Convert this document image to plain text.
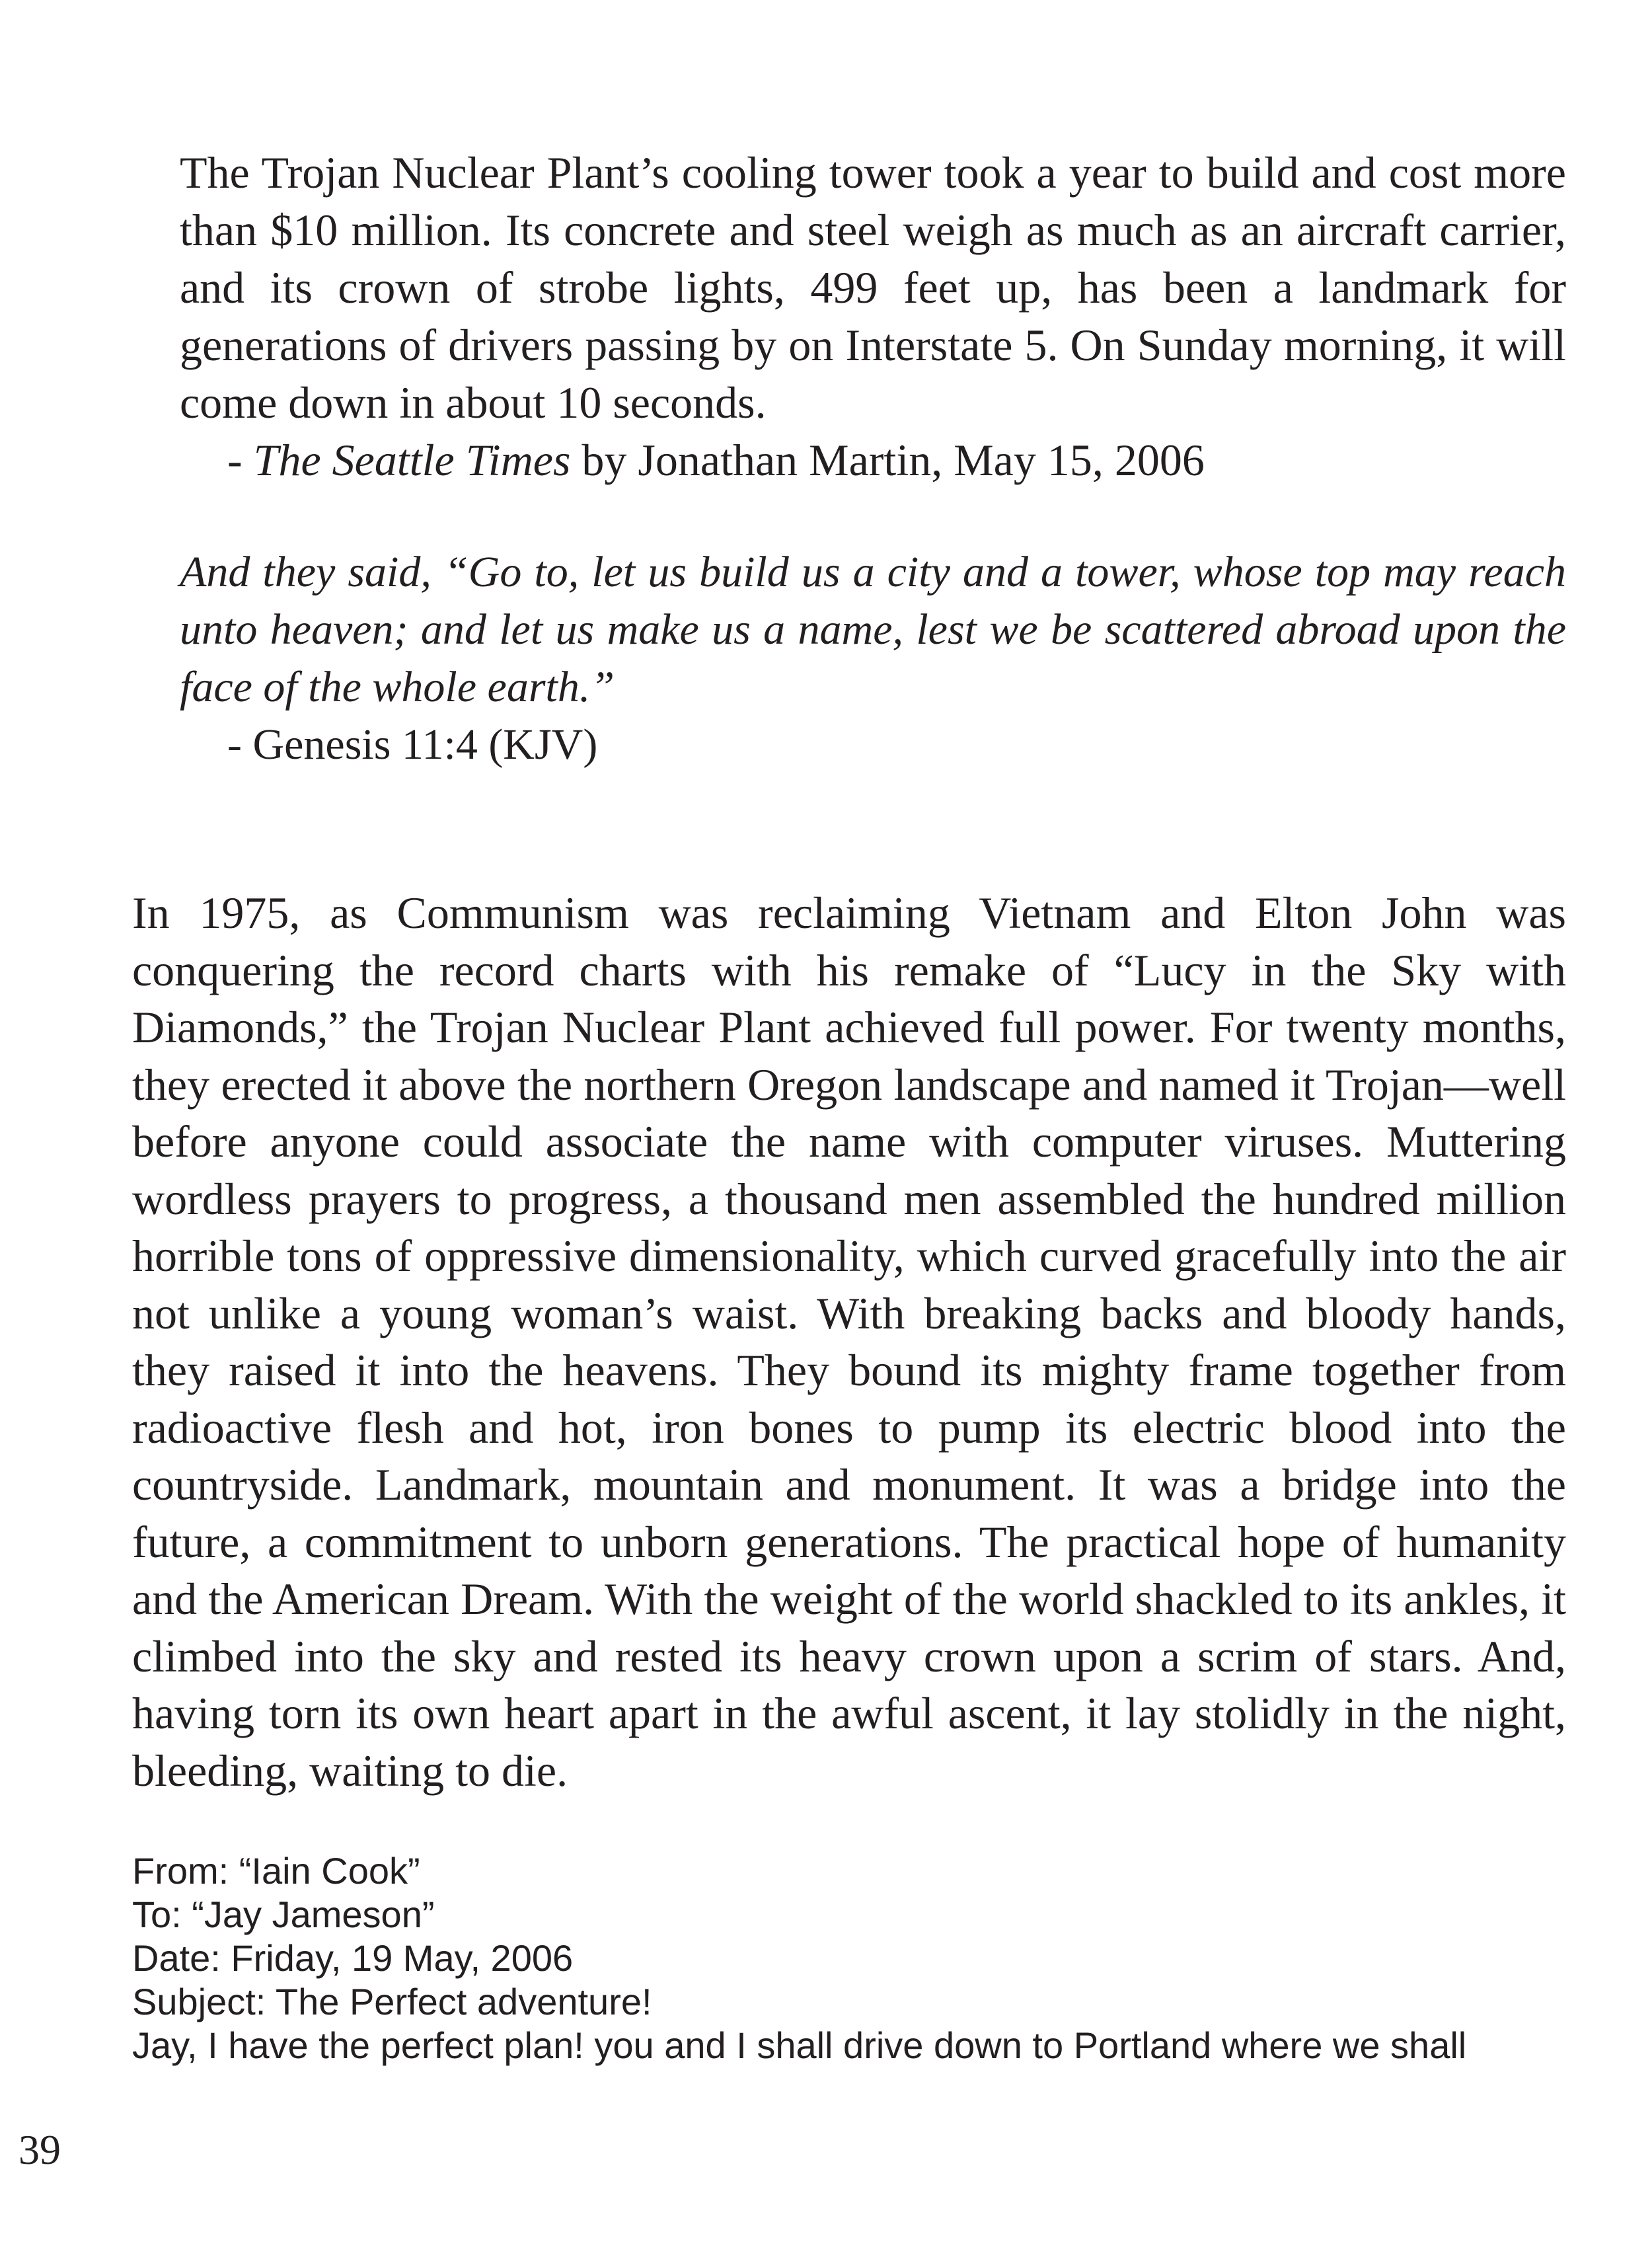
The Trojan Nuclear Plant’s cooling tower took a year to build and cost more than $10 million. Its concrete and steel weigh as much as an aircraft carrier, and its crown of strobe lights, 499 feet up, has been a landmark for generations of drivers passing by on Interstate 5. On Sunday morning, it will come down in about 10 seconds.
- The Seattle Times by Jonathan Martin, May 15, 2006
And they said, “Go to, let us build us a city and a tower, whose top may reach unto heaven; and let us make us a name, lest we be scattered abroad upon the face of the whole earth.”
- Genesis 11:4 (KJV)
In 1975, as Communism was reclaiming Vietnam and Elton John was conquering the record charts with his remake of “Lucy in the Sky with Diamonds,” the Trojan Nuclear Plant achieved full power. For twenty months, they erected it above the northern Oregon landscape and named it Trojan—well before anyone could associate the name with computer viruses. Muttering wordless prayers to progress, a thousand men assembled the hundred million horrible tons of oppressive dimensionality, which curved gracefully into the air not unlike a young woman’s waist. With breaking backs and bloody hands, they raised it into the heavens. They bound its mighty frame together from radioactive flesh and hot, iron bones to pump its electric blood into the countryside. Landmark, mountain and monument. It was a bridge into the future, a commitment to unborn generations. The practical hope of humanity and the American Dream. With the weight of the world shackled to its ankles, it climbed into the sky and rested its heavy crown upon a scrim of stars. And, having torn its own heart apart in the awful ascent, it lay stolidly in the night, bleeding, waiting to die.
From: “Iain Cook”
To: “Jay Jameson”
Date: Friday, 19 May, 2006
Subject: The Perfect adventure!
Jay, I have the perfect plan! you and I shall drive down to Portland where we shall
39
